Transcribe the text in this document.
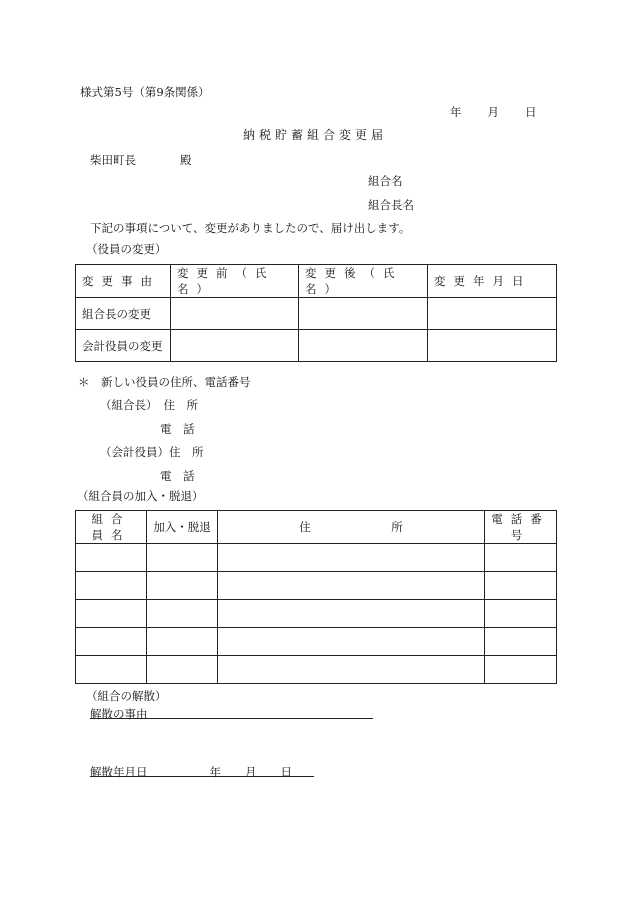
様式第5号（第9条関係）
年 月 日
納税貯蓄組合変更届
柴田町長	殿
組合名
組合長名
下記の事項について、変更がありましたので、届け出します。
（役員の変更）
変更事由	変更前（氏名）	変更後（氏名）	変更年月日
組合長の変更			
会計役員の変更			
＊　新しい役員の住所、電話番号
（組合長） 住　所
電　話
（会計役員）住　所
電　話
（組合員の加入・脱退）
組合員名	加入・脱退	住　　　　　　　所	電話番号

（組合の解散）
解散の事由
解散年月日	年 月 日
